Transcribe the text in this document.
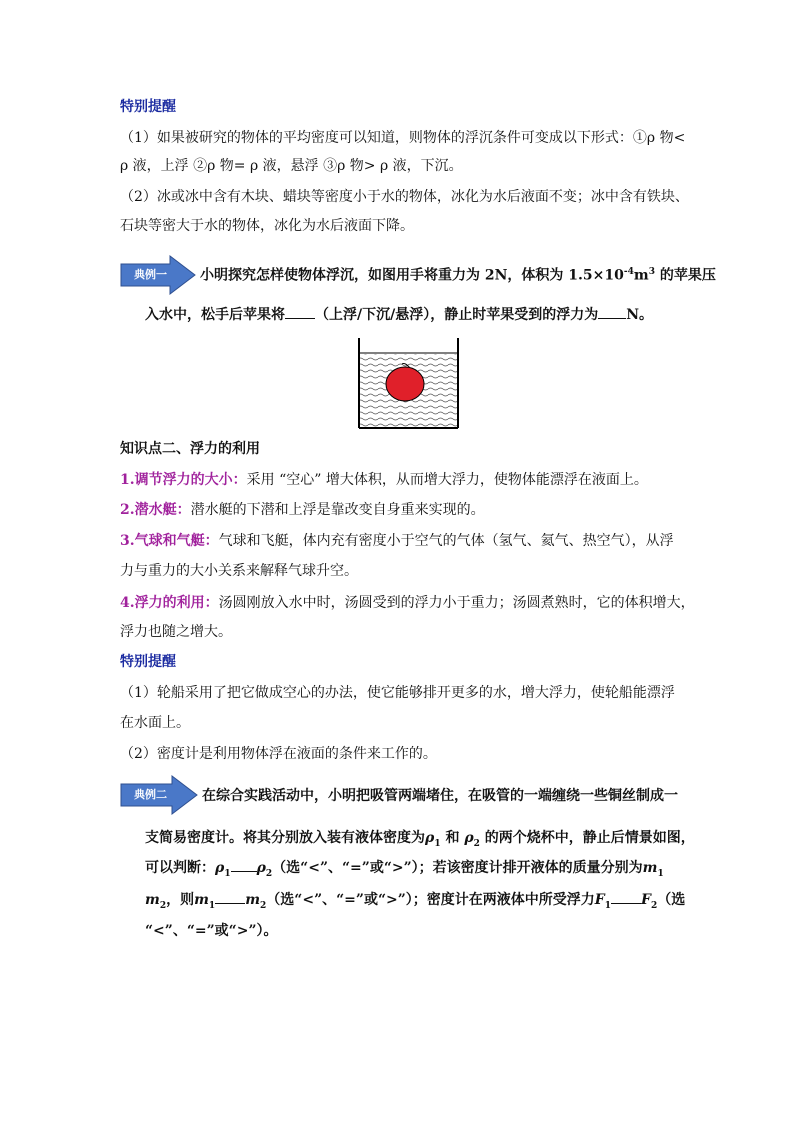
特别提醒
（1）如果被研究的物体的平均密度可以知道，则物体的浮沉条件可变成以下形式：①ρ 物<
ρ 液，上浮 ②ρ 物= ρ 液，悬浮 ③ρ 物> ρ 液，下沉。
（2）冰或冰中含有木块、蜡块等密度小于水的物体，冰化为水后液面不变；冰中含有铁块、
石块等密大于水的物体，冰化为水后液面下降。
典例一 小明探究怎样使物体浮沉，如图用手将重力为 2N，体积为 $1.5\times 10^{-4}m^3$ 的苹果压
入水中，松手后苹果将 （上浮/下沉/悬浮），静止时苹果受到的浮力为 N。
知识点二、浮力的利用
1.调节浮力的大小：采用 “空心” 增大体积，从而增大浮力，使物体能漂浮在液面上。
2.潜水艇：潜水艇的下潜和上浮是靠改变自身重来实现的。
3.气球和气艇：气球和飞艇，体内充有密度小于空气的气体（氢气、氦气、热空气），从浮
力与重力的大小关系来解释气球升空。
4.浮力的利用：汤圆刚放入水中时，汤圆受到的浮力小于重力；汤圆煮熟时，它的体积增大，
浮力也随之增大。
特别提醒
（1）轮船采用了把它做成空心的办法，使它能够排开更多的水，增大浮力，使轮船能漂浮
在水面上。
（2）密度计是利用物体浮在液面的条件来工作的。
典例二	在综合实践活动中，小明把吸管两端堵住，在吸管的一端缠绕一些铜丝制成一
支简易密度计。将其分别放入装有液体密度为$\rho_1$ 和 $\rho_2$ 的两个烧杯中，静止后情景如图，
可以判断：$\rho_1$ $\rho_2$（选“<”、“=”或“>”）；若该密度计排开液体的质量分别为$m_1$
$m_2$，则$m_1$ $m_2$（选“<”、“=”或“>”）；密度计在两液体中所受浮力$F_1$ $F_2$（选
“<”、“=”或“>”）。
